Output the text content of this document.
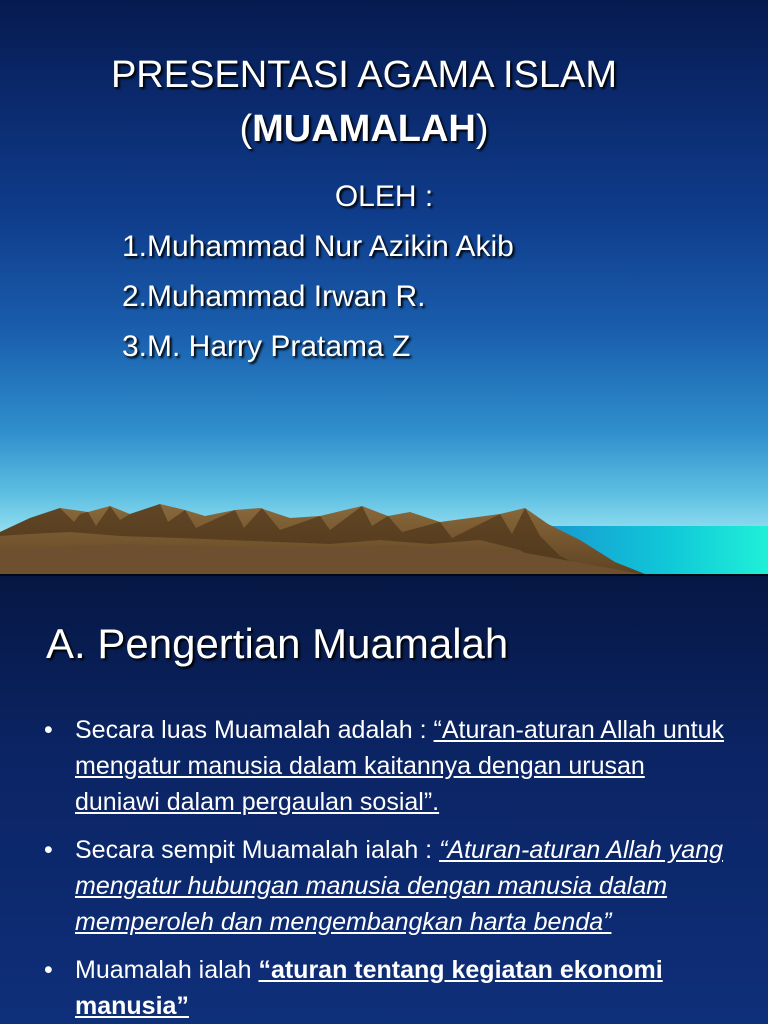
PRESENTASI AGAMA ISLAM
(MUAMALAH)
OLEH :
1.Muhammad Nur Azikin Akib
2.Muhammad Irwan R.
3.M. Harry Pratama Z
A. Pengertian Muamalah
• Secara luas Muamalah adalah : “Aturan-aturan Allah untuk mengatur manusia dalam kaitannya dengan urusan duniawi dalam pergaulan sosial”.
• Secara sempit Muamalah ialah : “Aturan-aturan Allah yang mengatur hubungan manusia dengan manusia dalam memperoleh dan mengembangkan harta benda”
• Muamalah ialah “aturan tentang kegiatan ekonomi manusia”
